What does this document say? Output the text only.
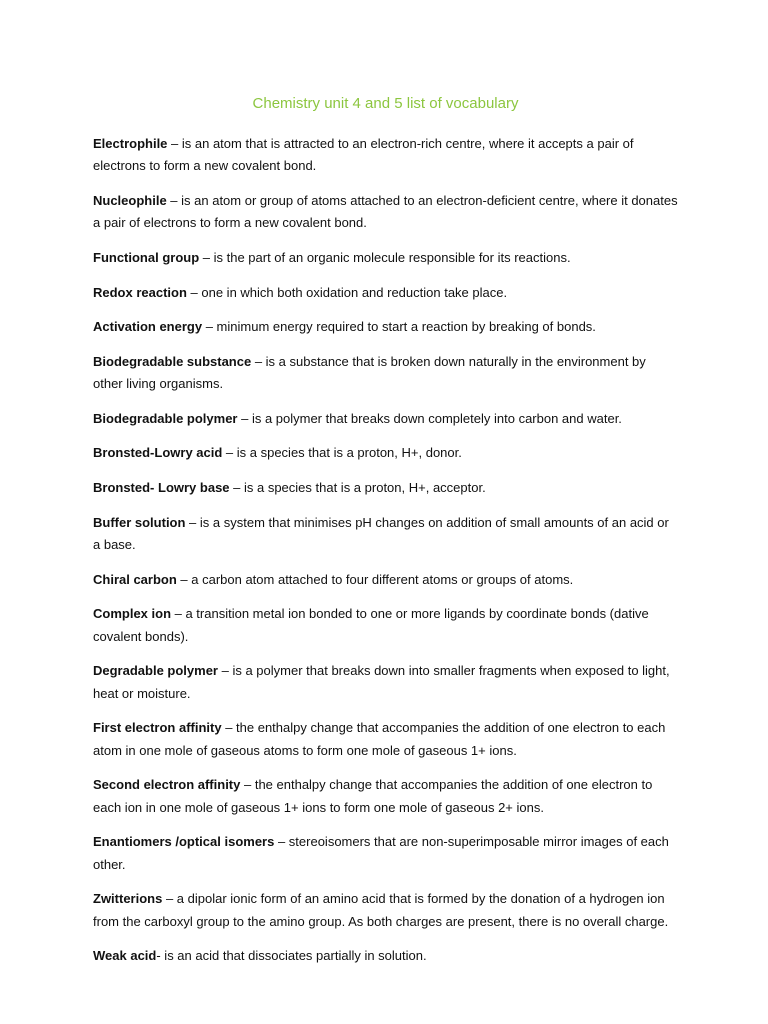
Chemistry unit 4 and 5 list of vocabulary

Electrophile – is an atom that is attracted to an electron-rich centre, where it accepts a pair of electrons to form a new covalent bond.

Nucleophile – is an atom or group of atoms attached to an electron-deficient centre, where it donates a pair of electrons to form a new covalent bond.

Functional group – is the part of an organic molecule responsible for its reactions.

Redox reaction – one in which both oxidation and reduction take place.

Activation energy – minimum energy required to start a reaction by breaking of bonds.

Biodegradable substance – is a substance that is broken down naturally in the environment by other living organisms.

Biodegradable polymer – is a polymer that breaks down completely into carbon and water.

Bronsted-Lowry acid – is a species that is a proton, H+, donor.

Bronsted- Lowry base – is a species that is a proton, H+, acceptor.

Buffer solution – is a system that minimises pH changes on addition of small amounts of an acid or a base.

Chiral carbon – a carbon atom attached to four different atoms or groups of atoms.

Complex ion – a transition metal ion bonded to one or more ligands by coordinate bonds (dative covalent bonds).

Degradable polymer – is a polymer that breaks down into smaller fragments when exposed to light, heat or moisture.

First electron affinity – the enthalpy change that accompanies the addition of one electron to each atom in one mole of gaseous atoms to form one mole of gaseous 1+ ions.

Second electron affinity – the enthalpy change that accompanies the addition of one electron to each ion in one mole of gaseous 1+ ions to form one mole of gaseous 2+ ions.

Enantiomers /optical isomers – stereoisomers that are non-superimposable mirror images of each other.

Zwitterions – a dipolar ionic form of an amino acid that is formed by the donation of a hydrogen ion from the carboxyl group to the amino group. As both charges are present, there is no overall charge.

Weak acid- is an acid that dissociates partially in solution.
